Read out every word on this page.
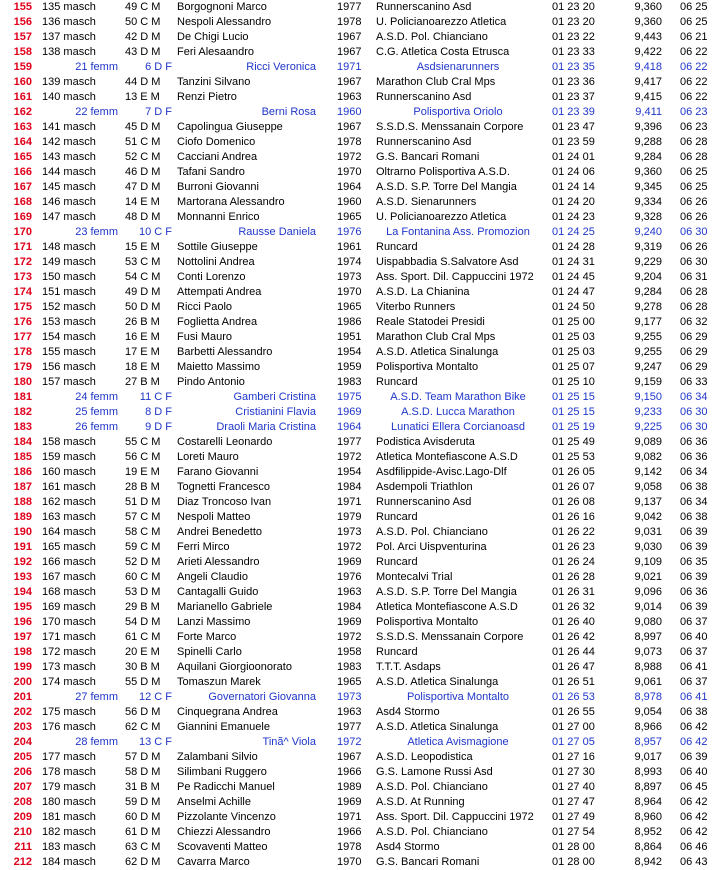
155 135 masch	49 C M	Borgognoni Marco	1977	Runnerscanino Asd	01 23 20	9,360 06 25
156 136 masch	50 C M	Nespoli Alessandro	1978	U. Policianoarezzo Atletica	01 23 20	9,360 06 25
157 137 masch	42 D M	De Chigi Lucio	1967	A.S.D. Pol. Chianciano	01 23 22	9,443 06 21
158 138 masch	43 D M	Feri Alesaandro	1967	C.G. Atletica Costa Etrusca	01 23 33	9,422 06 22
159	21 femm	6 D F	Ricci Veronica 1971	Asdsienarunners	01 23 35	9,418 06 22
160 139 masch	44 D M	Tanzini Silvano	1967	Marathon Club Cral Mps	01 23 36	9,417 06 22
161 140 masch	13 E M	Renzi Pietro	1963	Runnerscanino Asd	01 23 37	9,415 06 22
162	22 femm	7 D F	Berni Rosa 1960	Polisportiva Oriolo	01 23 39	9,411 06 23
163 141 masch	45 D M	Capolingua Giuseppe	1967	S.S.D.S. Menssanain Corpore	01 23 47	9,396 06 23
164 142 masch	51 C M	Ciofo Domenico	1978	Runnerscanino Asd	01 23 59	9,288 06 28
165 143 masch	52 C M	Cacciani Andrea	1972	G.S. Bancari Romani	01 24 01	9,284 06 28
166 144 masch	46 D M	Tafani Sandro	1970	Oltrarno Polisportiva A.S.D.	01 24 06	9,360 06 25
167 145 masch	47 D M	Burroni Giovanni	1964	A.S.D. S.P. Torre Del Mangia	01 24 14	9,345 06 25
168 146 masch	14 E M	Martorana Alessandro	1960	A.S.D. Sienarunners	01 24 20	9,334 06 26
169 147 masch	48 D M	Monnanni Enrico	1965	U. Policianoarezzo Atletica	01 24 23	9,328 06 26
170	23 femm	10 C F	Rausse Daniela 1976	La Fontanina Ass. Promozion	01 24 25	9,240 06 30
171 148 masch	15 E M	Sottile Giuseppe	1961	Runcard	01 24 28	9,319 06 26
172 149 masch	53 C M	Nottolini Andrea	1974	Uispabbadia S.Salvatore Asd	01 24 31	9,229 06 30
173 150 masch	54 C M	Conti Lorenzo	1973	Ass. Sport. Dil. Cappuccini 1972	01 24 45	9,204 06 31
174 151 masch	49 D M	Attempati Andrea	1970	A.S.D. La Chianina	01 24 47	9,284 06 28
175 152 masch	50 D M	Ricci Paolo	1965	Viterbo Runners	01 24 50	9,278 06 28
176 153 masch	26 B M	Foglietta Andrea	1986	Reale Statodei Presidi	01 25 00	9,177 06 32
177 154 masch	16 E M	Fusi Mauro	1951	Marathon Club Cral Mps	01 25 03	9,255 06 29
178 155 masch	17 E M	Barbetti Alessandro	1954	A.S.D. Atletica Sinalunga	01 25 03	9,255 06 29
179 156 masch	18 E M	Maietto Massimo	1959	Polisportiva Montalto	01 25 07	9,247 06 29
180 157 masch	27 B M	Pindo Antonio	1983	Runcard	01 25 10	9,159 06 33
181	24 femm	11 C F	Gamberi Cristina 1975	A.S.D. Team Marathon Bike	01 25 15	9,150 06 34
182	25 femm	8 D F	Cristianini Flavia 1969	A.S.D. Lucca Marathon	01 25 15	9,233 06 30
183	26 femm	9 D F	Draoli Maria Cristina 1964	Lunatici Ellera Corcianoasd	01 25 19	9,225 06 30
184 158 masch	55 C M	Costarelli Leonardo	1977	Podistica Avisderuta	01 25 49	9,089 06 36
185 159 masch	56 C M	Loreti Mauro	1972	Atletica Montefiascone A.S.D	01 25 53	9,082 06 36
186 160 masch	19 E M	Farano Giovanni	1954	Asdfilippide-Avisc.Lago-Dlf	01 26 05	9,142 06 34
187 161 masch	28 B M	Tognetti Francesco	1984	Asdempoli Triathlon	01 26 07	9,058 06 38
188 162 masch	51 D M	Diaz Troncoso Ivan	1971	Runnerscanino Asd	01 26 08	9,137 06 34
189 163 masch	57 C M	Nespoli Matteo	1979	Runcard	01 26 16	9,042 06 38
190 164 masch	58 C M	Andrei Benedetto	1973	A.S.D. Pol. Chianciano	01 26 22	9,031 06 39
191 165 masch	59 C M	Ferri Mirco	1972	Pol. Arci Uispventurina	01 26 23	9,030 06 39
192 166 masch	52 D M	Arieti Alessandro	1969	Runcard	01 26 24	9,109 06 35
193 167 masch	60 C M	Angeli Claudio	1976	Montecalvi Trial	01 26 28	9,021 06 39
194 168 masch	53 D M	Cantagalli Guido	1963	A.S.D. S.P. Torre Del Mangia	01 26 31	9,096 06 36
195 169 masch	29 B M	Marianello Gabriele	1984	Atletica Montefiascone A.S.D	01 26 32	9,014 06 39
196 170 masch	54 D M	Lanzi Massimo	1969	Polisportiva Montalto	01 26 40	9,080 06 37
197 171 masch	61 C M	Forte Marco	1972	S.S.D.S. Menssanain Corpore	01 26 42	8,997 06 40
198 172 masch	20 E M	Spinelli Carlo	1958	Runcard	01 26 44	9,073 06 37
199 173 masch	30 B M	Aquilani Giorgioonorato	1983	T.T.T. Asdaps	01 26 47	8,988 06 41
200 174 masch	55 D M	Tomaszun Marek	1965	A.S.D. Atletica Sinalunga	01 26 51	9,061 06 37
201	27 femm	12 C F	Governatori Giovanna 1973	Polisportiva Montalto	01 26 53	8,978 06 41
202 175 masch	56 D M	Cinquegrana Andrea	1963	Asd4 Stormo	01 26 55	9,054 06 38
203 176 masch	62 C M	Giannini Emanuele	1977	A.S.D. Atletica Sinalunga	01 27 00	8,966 06 42
204	28 femm	13 C F	Tinã^ Viola 1972	Atletica Avismagione	01 27 05	8,957 06 42
205 177 masch	57 D M	Zalambani Silvio	1967	A.S.D. Leopodistica	01 27 16	9,017 06 39
206 178 masch	58 D M	Silimbani Ruggero	1966	G.S. Lamone Russi Asd	01 27 30	8,993 06 40
207 179 masch	31 B M	Pe Radicchi Manuel	1989	A.S.D. Pol. Chianciano	01 27 40	8,897 06 45
208 180 masch	59 D M	Anselmi Achille	1969	A.S.D. At Running	01 27 47	8,964 06 42
209 181 masch	60 D M	Pizzolante Vincenzo	1971	Ass. Sport. Dil. Cappuccini 1972	01 27 49	8,960 06 42
210 182 masch	61 D M	Chiezzi Alessandro	1966	A.S.D. Pol. Chianciano	01 27 54	8,952 06 42
211 183 masch	63 C M	Scovaventi Matteo	1978	Asd4 Stormo	01 28 00	8,864 06 46
212 184 masch	62 D M	Cavarra Marco	1970	G.S. Bancari Romani	01 28 00	8,942 06 43
